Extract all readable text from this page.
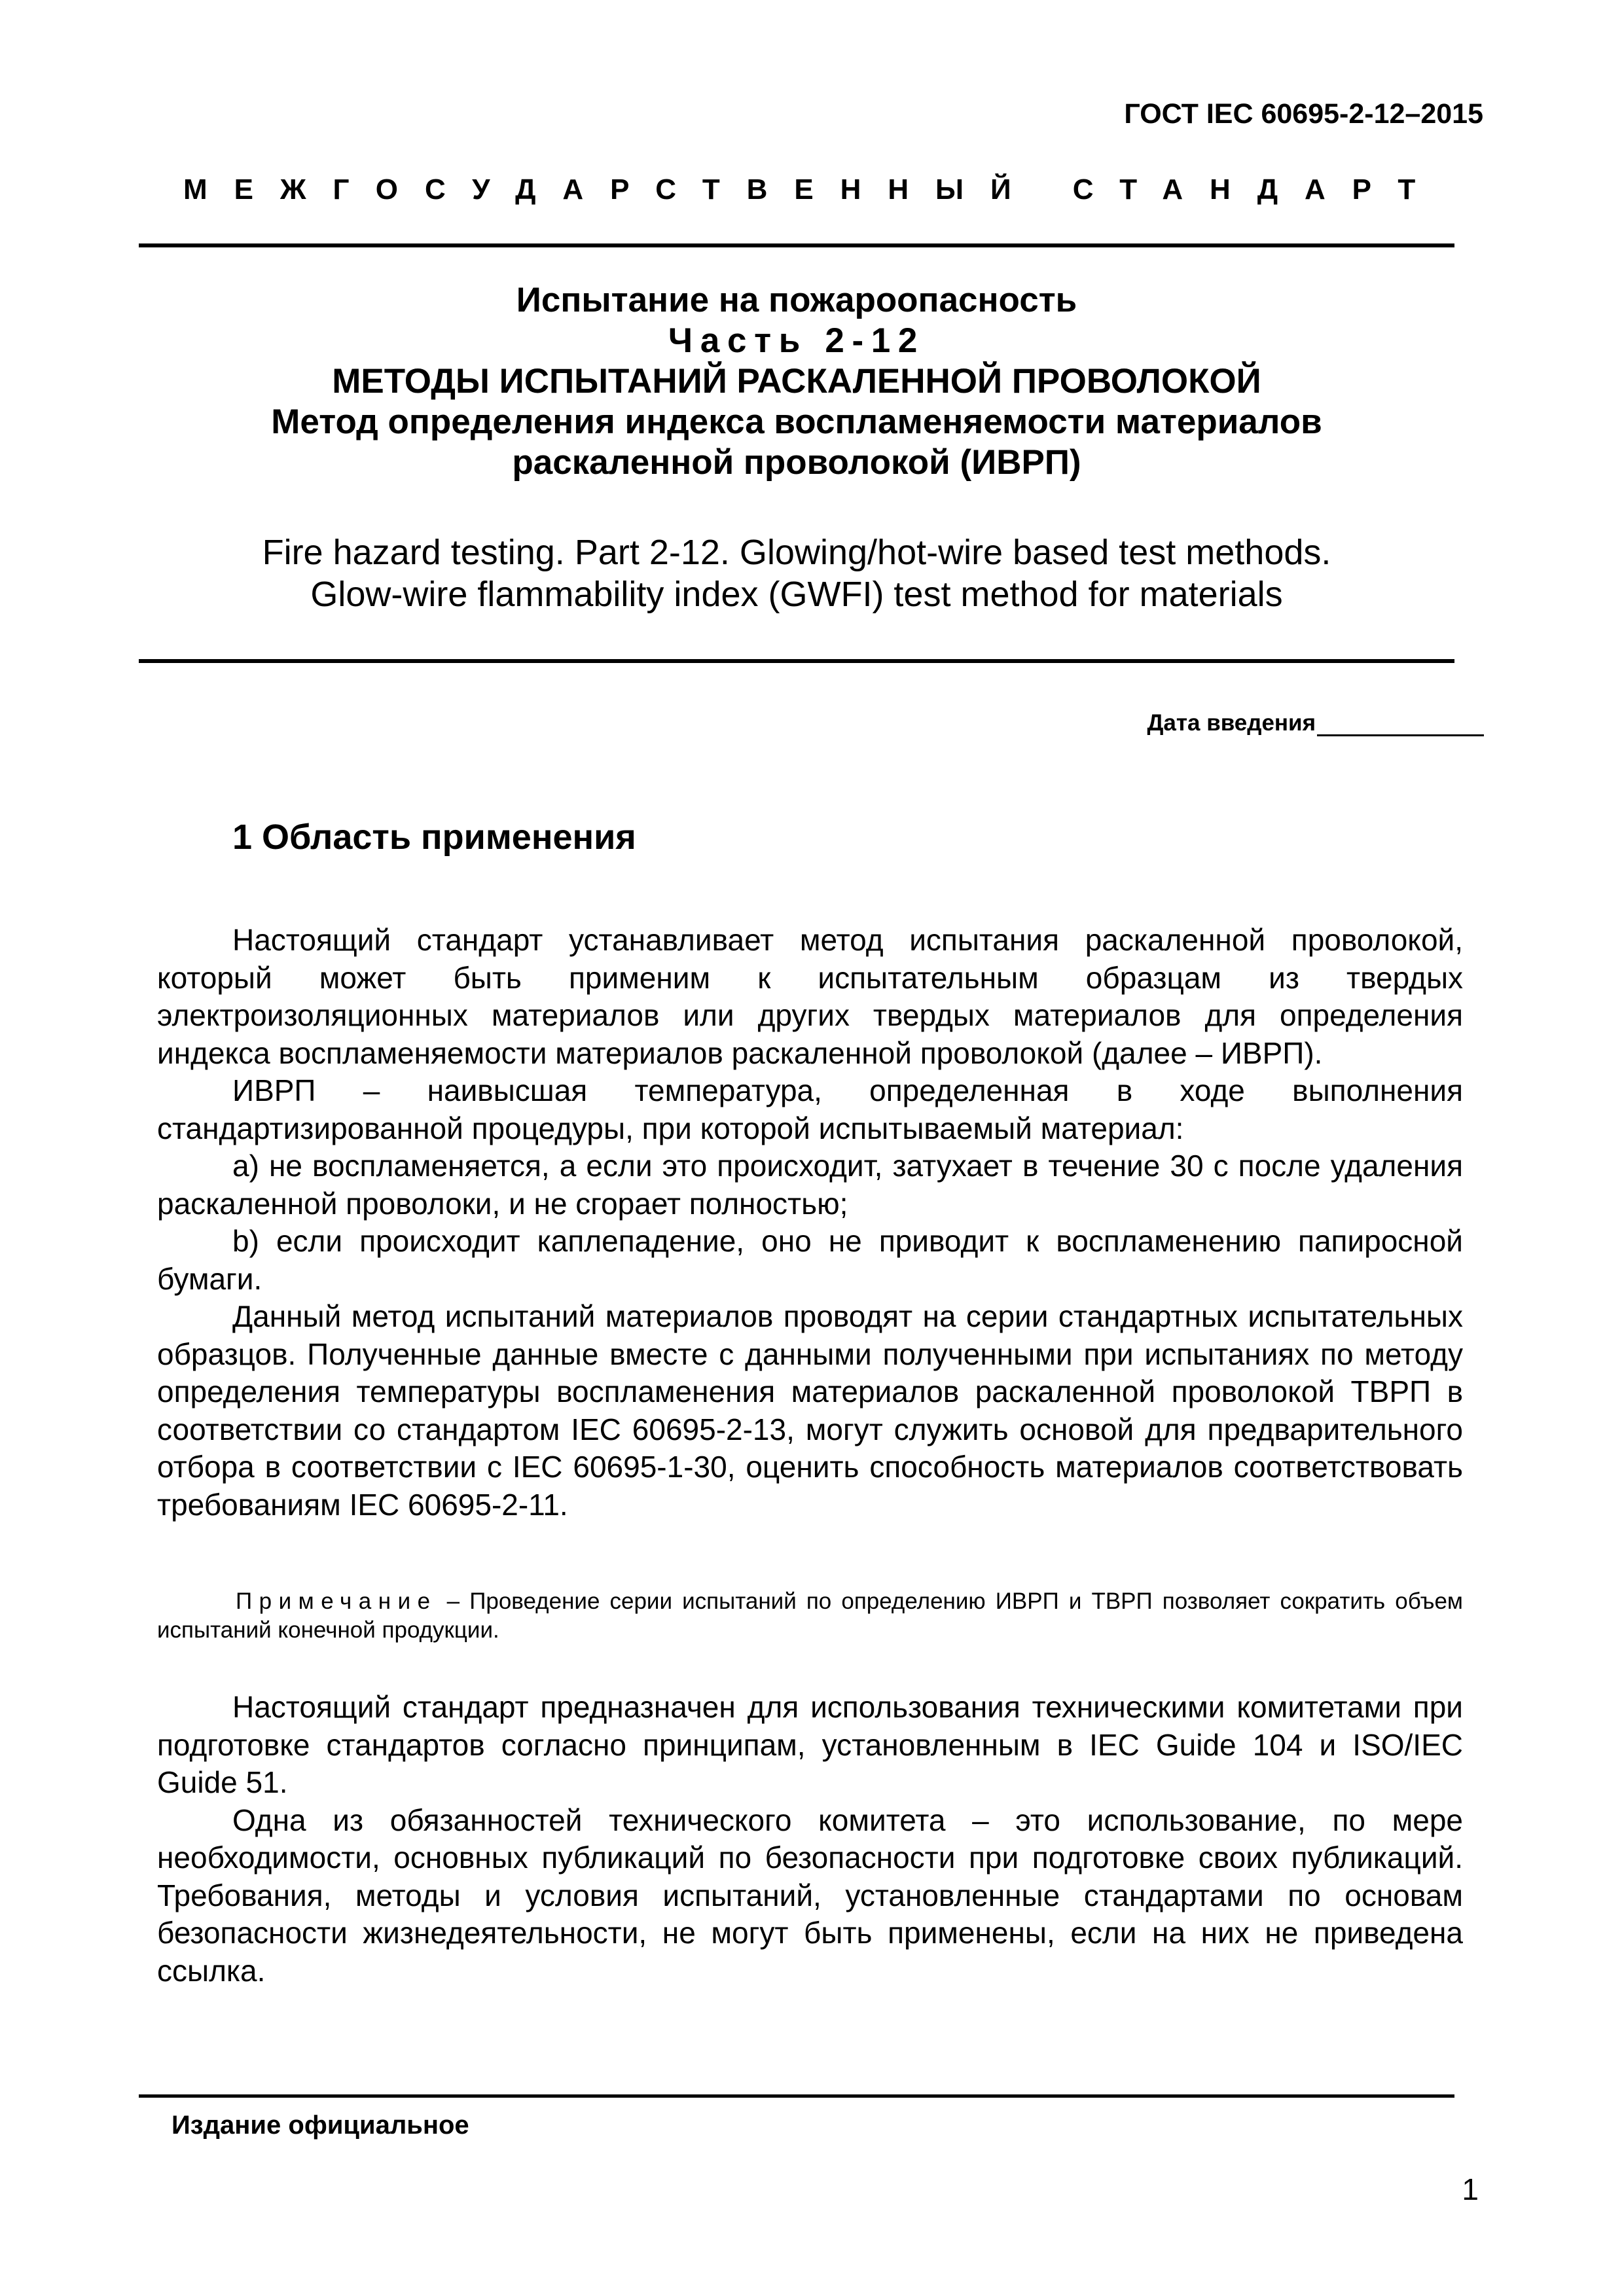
ГОСТ IEC 60695-2-12–2015
МЕЖГОСУДАРСТВЕННЫЙ СТАНДАРТ
Испытание на пожароопасность
Часть 2-12
МЕТОДЫ ИСПЫТАНИЙ РАСКАЛЕННОЙ ПРОВОЛОКОЙ
Метод определения индекса воспламеняемости материалов
раскаленной проволокой (ИВРП)
Fire hazard testing. Part 2-12. Glowing/hot-wire based test methods.
Glow-wire flammability index (GWFI) test method for materials
Дата введения
1 Область применения

Настоящий стандарт устанавливает метод испытания раскаленной проволокой, который может быть применим к испытательным образцам из твердых электроизоляционных материалов или других твердых материалов для определения индекса воспламеняемости материалов раскаленной проволокой (далее – ИВРП).

ИВРП – наивысшая температура, определенная в ходе выполнения стандартизированной процедуры, при которой испытываемый материал:

a) не воспламеняется, а если это происходит, затухает в течение 30 с после удаления раскаленной проволоки, и не сгорает полностью;

b) если происходит каплепадение, оно не приводит к воспламенению папиросной бумаги.

Данный метод испытаний материалов проводят на серии стандартных испытательных образцов. Полученные данные вместе с данными полученными при испытаниях по методу определения температуры воспламенения материалов раскаленной проволокой ТВРП в соответствии со стандартом IEC 60695-2-13, могут служить основой для предварительного отбора в соответствии с IEC 60695-1-30, оценить способность материалов соответствовать требованиям IEC 60695-2-11.

Примечание – Проведение серии испытаний по определению ИВРП и ТВРП позволяет сократить объем испытаний конечной продукции.

Настоящий стандарт предназначен для использования техническими комитетами при подготовке стандартов согласно принципам, установленным в IEC Guide 104 и ISO/IEC Guide 51.

Одна из обязанностей технического комитета – это использование, по мере необходимости, основных публикаций по безопасности при подготовке своих публикаций. Требования, методы и условия испытаний, установленные стандартами по основам безопасности жизнедеятельности, не могут быть применены, если на них не приведена ссылка.

Издание официальное
1
